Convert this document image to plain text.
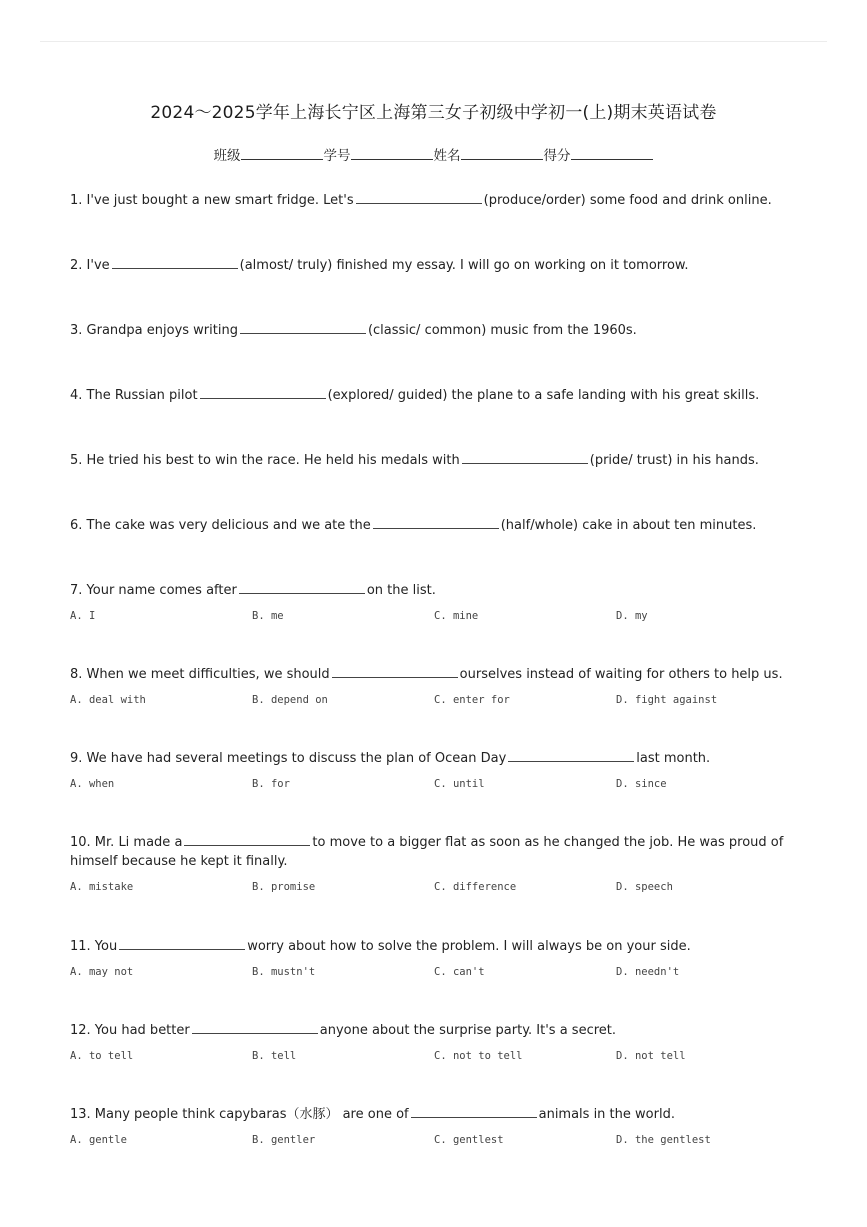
2024～2025学年上海长宁区上海第三女子初级中学初一(上)期末英语试卷
班级	学号	姓名	得分
1. I've just bought a new smart fridge. Let's	(produce/order) some food and drink online.
2. I've	(almost/ truly) finished my essay. I will go on working on it tomorrow.
3. Grandpa enjoys writing	(classic/ common) music from the 1960s.
4. The Russian pilot	(explored/ guided) the plane to a safe landing with his great skills.
5. He tried his best to win the race. He held his medals with	(pride/ trust) in his hands.
6. The cake was very delicious and we ate the	(half/whole) cake in about ten minutes.
7. Your name comes after	on the list.
A. I	B. me	C. mine	D. my
8. When we meet difficulties, we should	ourselves instead of waiting for others to help us.
A. deal with	B. depend on	C. enter for	D. fight against
9. We have had several meetings to discuss the plan of Ocean Day	last month.
A. when	B. for	C. until	D. since
10. Mr. Li made a	to move to a bigger flat as soon as he changed the job. He was proud of himself because he kept it finally.
A. mistake	B. promise	C. difference	D. speech
11. You	worry about how to solve the problem. I will always be on your side.
A. may not	B. mustn't	C. can't	D. needn't
12. You had better	anyone about the surprise party. It's a secret.
A. to tell	B. tell	C. not to tell	D. not tell
13. Many people think capybaras（水豚） are one of	animals in the world.
A. gentle	B. gentler	C. gentlest	D. the gentlest
